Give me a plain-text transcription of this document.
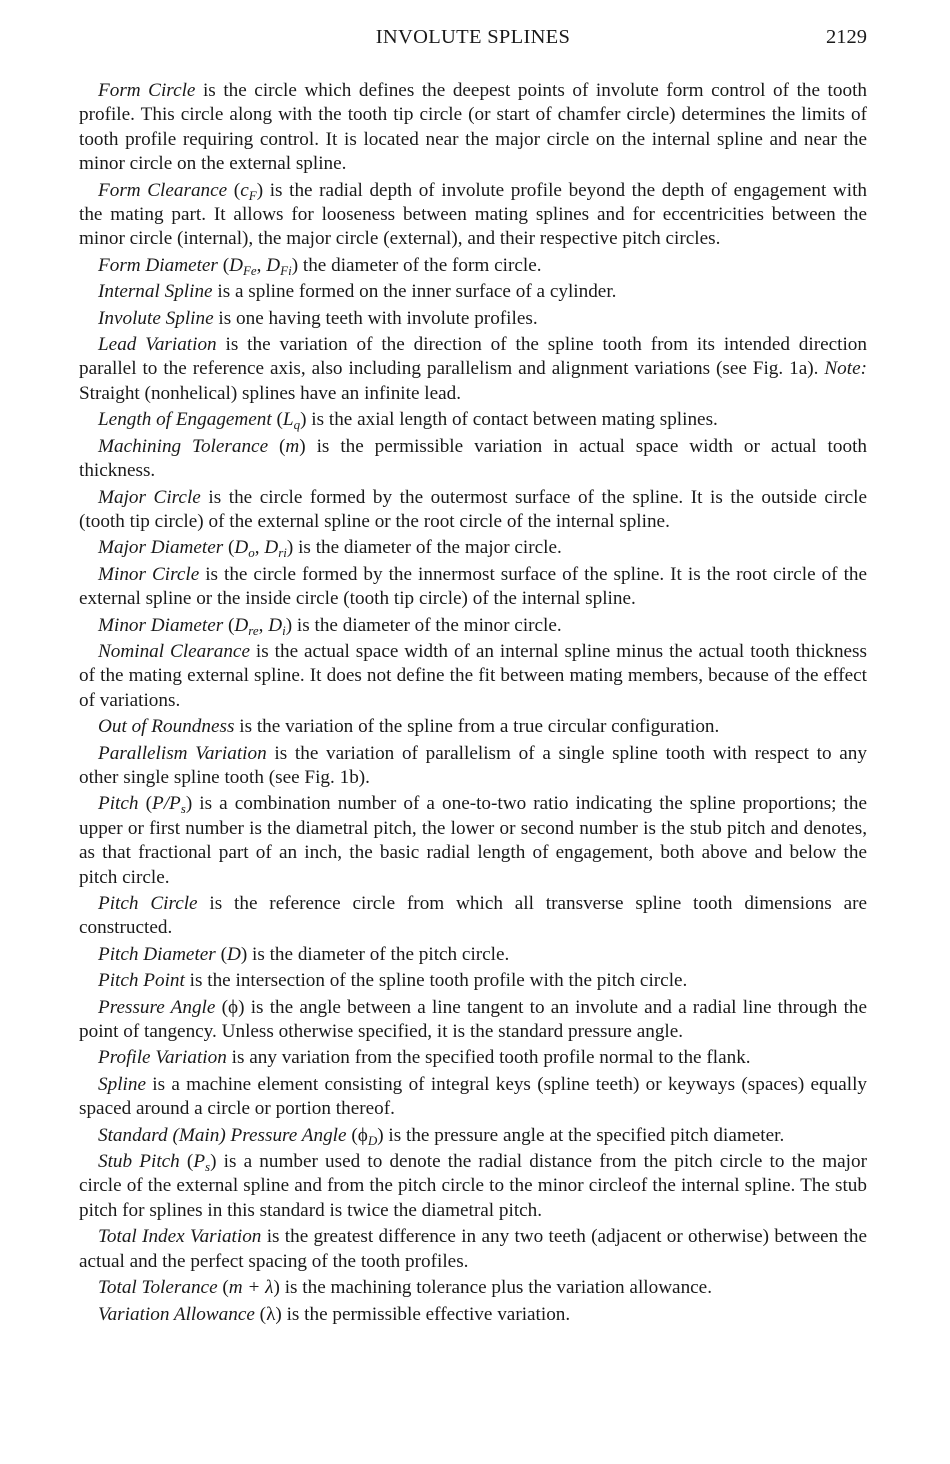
INVOLUTE SPLINES	2129

Form Circle is the circle which defines the deepest points of involute form control of the tooth profile. This circle along with the tooth tip circle (or start of chamfer circle) determines the limits of tooth profile requiring control. It is located near the major circle on the internal spline and near the minor circle on the external spline.

Form Clearance $(c_F)$ is the radial depth of involute profile beyond the depth of engagement with the mating part. It allows for looseness between mating splines and for eccentricities between the minor circle (internal), the major circle (external), and their respective pitch circles.

Form Diameter ($D_{Fe}$, $D_{Fi}$) the diameter of the form circle.

Internal Spline is a spline formed on the inner surface of a cylinder.

Involute Spline is one having teeth with involute profiles.

Lead Variation is the variation of the direction of the spline tooth from its intended direction parallel to the reference axis, also including parallelism and alignment variations (see Fig. 1a). Note: Straight (nonhelical) splines have an infinite lead.

Length of Engagement $(L_q)$ is the axial length of contact between mating splines.

Machining Tolerance (m) is the permissible variation in actual space width or actual tooth thickness.

Major Circle is the circle formed by the outermost surface of the spline. It is the outside circle (tooth tip circle) of the external spline or the root circle of the internal spline.

Major Diameter ($D_o$, $D_{ri}$) is the diameter of the major circle.

Minor Circle is the circle formed by the innermost surface of the spline. It is the root circle of the external spline or the inside circle (tooth tip circle) of the internal spline.

Minor Diameter ($D_{re}$, $D_i$) is the diameter of the minor circle.

Nominal Clearance is the actual space width of an internal spline minus the actual tooth thickness of the mating external spline. It does not define the fit between mating members, because of the effect of variations.

Out of Roundness is the variation of the spline from a true circular configuration.

Parallelism Variation is the variation of parallelism of a single spline tooth with respect to any other single spline tooth (see Fig. 1b).

Pitch $(P/P_s)$ is a combination number of a one-to-two ratio indicating the spline proportions; the upper or first number is the diametral pitch, the lower or second number is the stub pitch and denotes, as that fractional part of an inch, the basic radial length of engagement, both above and below the pitch circle.

Pitch Circle is the reference circle from which all transverse spline tooth dimensions are constructed.

Pitch Diameter (D) is the diameter of the pitch circle.

Pitch Point is the intersection of the spline tooth profile with the pitch circle.

Pressure Angle (ϕ) is the angle between a line tangent to an involute and a radial line through the point of tangency. Unless otherwise specified, it is the standard pressure angle.

Profile Variation is any variation from the specified tooth profile normal to the flank.

Spline is a machine element consisting of integral keys (spline teeth) or keyways (spaces) equally spaced around a circle or portion thereof.

Standard (Main) Pressure Angle $(\phi_D)$ is the pressure angle at the specified pitch diameter.

Stub Pitch $(P_s)$ is a number used to denote the radial distance from the pitch circle to the major circle of the external spline and from the pitch circle to the minor circleof the internal spline. The stub pitch for splines in this standard is twice the diametral pitch.

Total Index Variation is the greatest difference in any two teeth (adjacent or otherwise) between the actual and the perfect spacing of the tooth profiles.

Total Tolerance (m + λ) is the machining tolerance plus the variation allowance.

Variation Allowance (λ) is the permissible effective variation.
